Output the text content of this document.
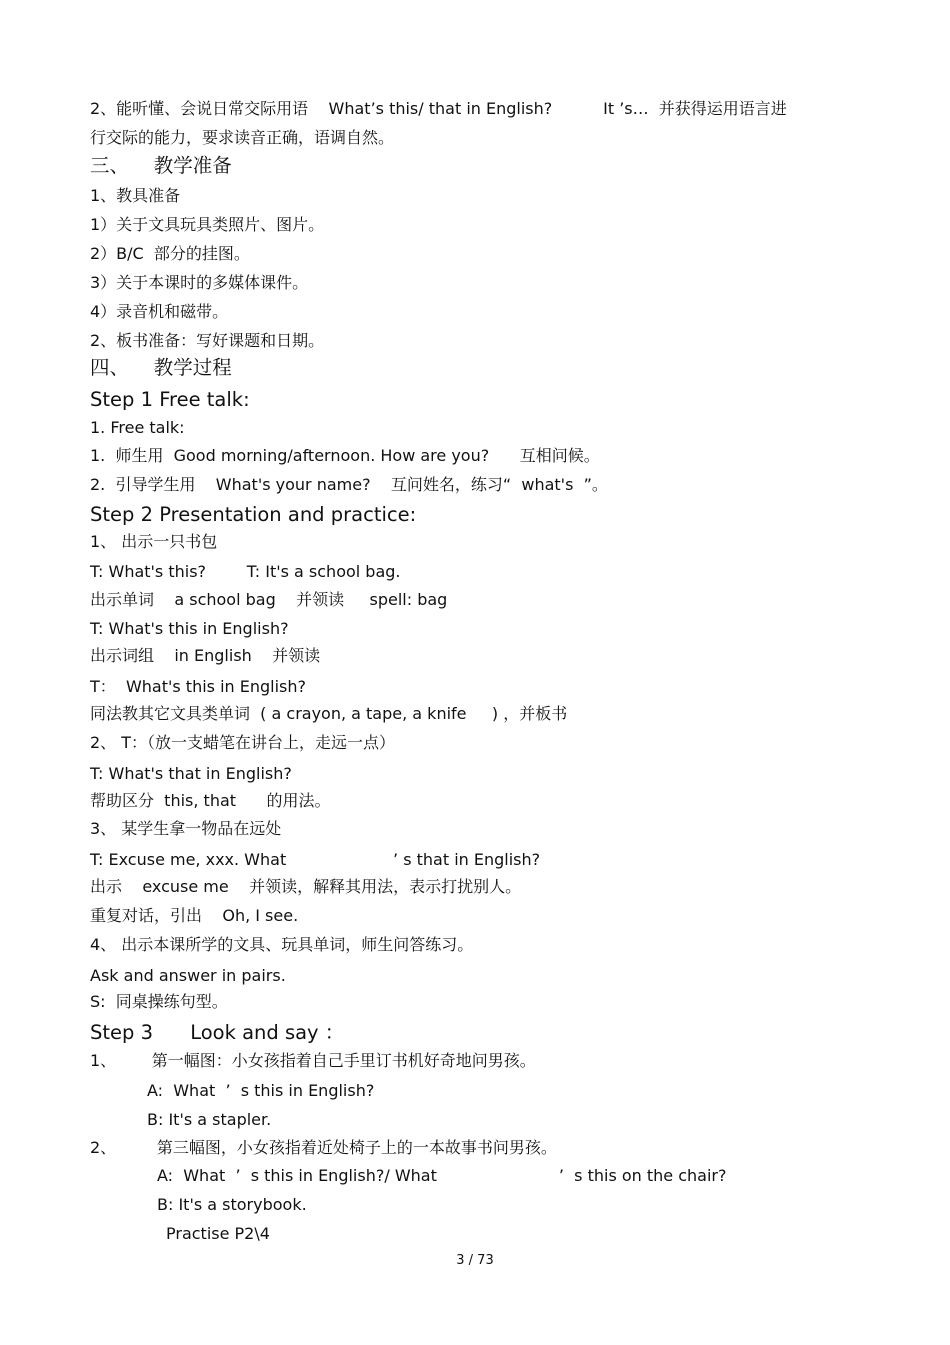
2、能听懂、会说日常交际用语    What’s this/ that in English?          It ’s…  并获得运用语言进

行交际的能力，要求读音正确，语调自然。

三、    教学准备

1、教具准备

1）关于文具玩具类照片、图片。

2）B/C  部分的挂图。

3）关于本课时的多媒体课件。

4）录音机和磁带。

2、板书准备：写好课题和日期。

四、    教学过程

Step 1 Free talk:

1. Free talk:

1.  师生用  Good morning/afternoon. How are you?      互相问候。

2.  引导学生用    What's your name?    互问姓名，练习“  what's  ”。

Step 2 Presentation and practice:

1、 出示一只书包

T: What's this?        T: It's a school bag.

出示单词    a school bag    并领读     spell: bag

T: What's this in English?

出示词组    in English    并领读

T：  What's this in English?

同法教其它文具类单词  ( a crayon, a tape, a knife     ) ，并板书

2、 T：（放一支蜡笔在讲台上，走远一点）

T: What's that in English?

帮助区分  this, that      的用法。

3、 某学生拿一物品在远处

T: Excuse me, xxx. What                     ’ s that in English?

出示    excuse me    并领读，解释其用法，表示打扰别人。

重复对话，引出    Oh, I see.

4、 出示本课所学的文具、玩具单词，师生问答练习。

Ask and answer in pairs.

S:  同桌操练句型。

Step 3      Look and say ：

1、       第一幅图：小女孩指着自己手里订书机好奇地问男孩。

A:  What  ’  s this in English?

B: It's a stapler.

2、        第三幅图，小女孩指着近处椅子上的一本故事书问男孩。

A:  What  ’  s this in English?/ What                        ’  s this on the chair?

B: It's a storybook.

Practise P2\4

3 / 73
